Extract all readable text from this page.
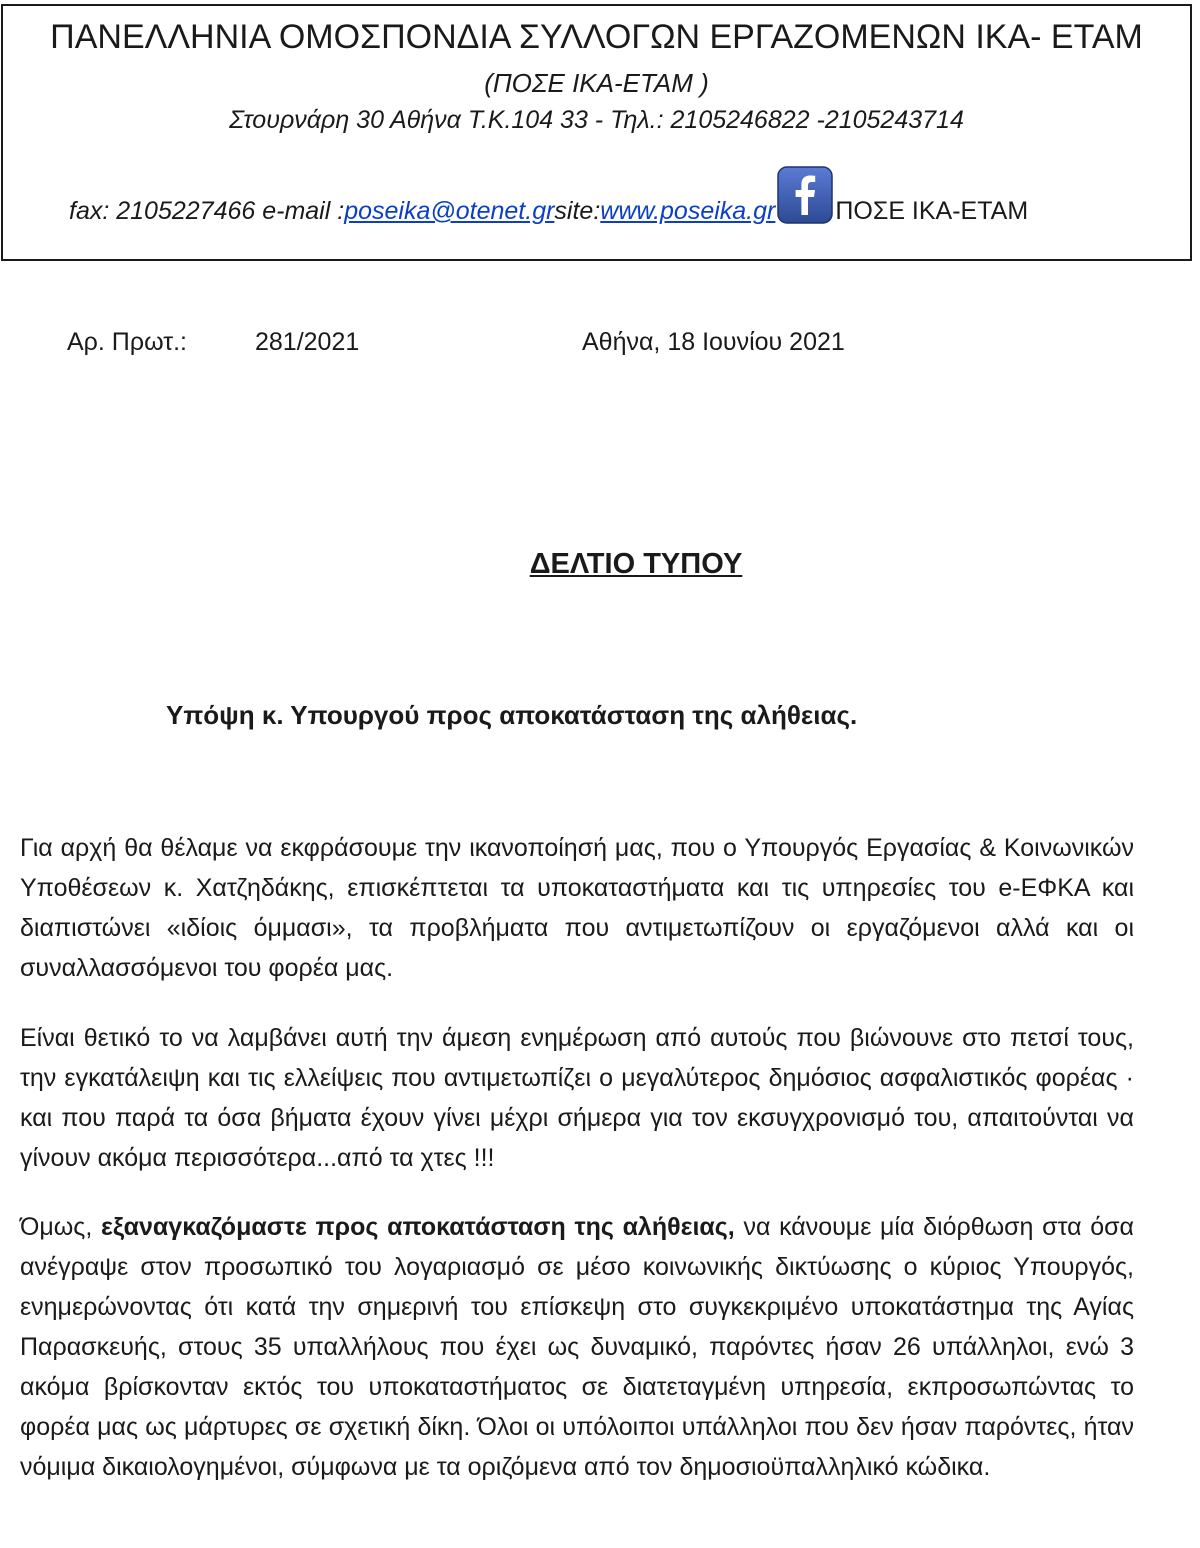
ΠΑΝΕΛΛΗΝΙΑ ΟΜΟΣΠΟΝΔΙΑ ΣΥΛΛΟΓΩΝ ΕΡΓΑΖΟΜΕΝΩΝ ΙΚΑ- ΕΤΑΜ
(ΠΟΣΕ ΙΚΑ-ΕΤΑΜ )
Στουρνάρη 30 Αθήνα Τ.Κ.104 33 - Τηλ.: 2105246822 -2105243714
fax: 2105227466 e-mail : poseika@otenet.gr site: www.poseika.gr ΠΟΣΕ ΙΚΑ-ΕΤΑΜ
Αρ. Πρωτ.:	281/2021	Αθήνα, 18 Ιουνίου 2021
ΔΕΛΤΙΟ ΤΥΠΟΥ
Υπόψη κ. Υπουργού προς αποκατάσταση της αλήθειας.

Για αρχή θα θέλαμε να εκφράσουμε την ικανοποίησή μας, που ο Υπουργός Εργασίας & Κοινωνικών Υποθέσεων κ. Χατζηδάκης, επισκέπτεται τα υποκαταστήματα και τις υπηρεσίες του e-ΕΦΚΑ και διαπιστώνει «ιδίοις όμμασι», τα προβλήματα που αντιμετωπίζουν οι εργαζόμενοι αλλά και οι συναλλασσόμενοι του φορέα μας.

Είναι θετικό το να λαμβάνει αυτή την άμεση ενημέρωση από αυτούς που βιώνουνε στο πετσί τους, την εγκατάλειψη και τις ελλείψεις που αντιμετωπίζει ο μεγαλύτερος δημόσιος ασφαλιστικός φορέας · και που παρά τα όσα βήματα έχουν γίνει μέχρι σήμερα για τον εκσυγχρονισμό του, απαιτούνται να γίνουν ακόμα περισσότερα...από τα χτες !!!

Όμως, εξαναγκαζόμαστε προς αποκατάσταση της αλήθειας, να κάνουμε μία διόρθωση στα όσα ανέγραψε στον προσωπικό του λογαριασμό σε μέσο κοινωνικής δικτύωσης ο κύριος Υπουργός, ενημερώνοντας ότι κατά την σημερινή του επίσκεψη στο συγκεκριμένο υποκατάστημα της Αγίας Παρασκευής, στους 35 υπαλλήλους που έχει ως δυναμικό, παρόντες ήσαν 26 υπάλληλοι, ενώ 3 ακόμα βρίσκονταν εκτός του υποκαταστήματος σε διατεταγμένη υπηρεσία, εκπροσωπώντας το φορέα μας ως μάρτυρες σε σχετική δίκη. Όλοι οι υπόλοιποι υπάλληλοι που δεν ήσαν παρόντες, ήταν νόμιμα δικαιολογημένοι, σύμφωνα με τα οριζόμενα από τον δημοσιοϋπαλληλικό κώδικα.
